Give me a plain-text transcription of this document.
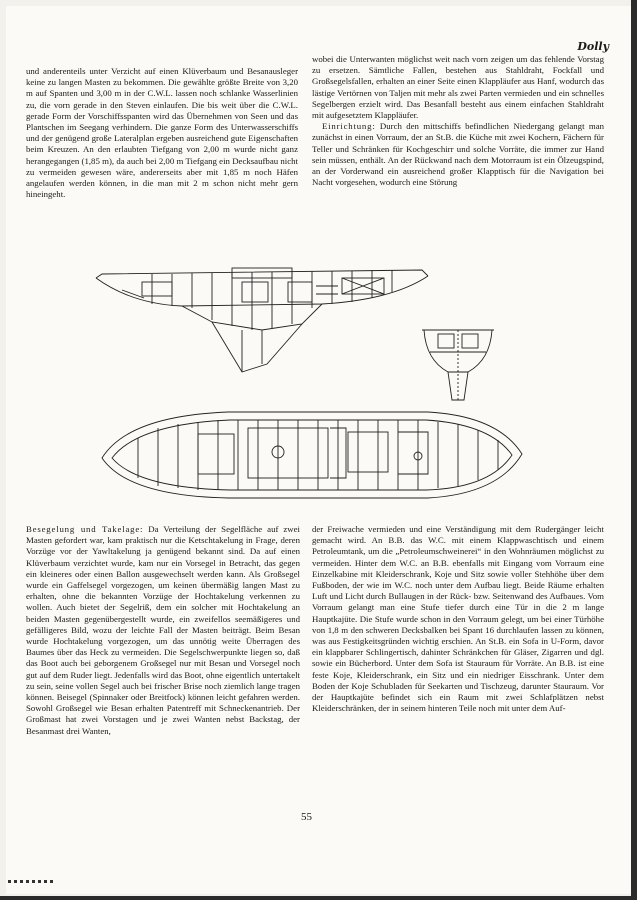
Dolly

und anderenteils unter Verzicht auf einen Klüverbaum und Besanausleger keine zu langen Masten zu bekommen. Die gewählte größte Breite von 3,20 m auf Spanten und 3,00 m in der C.W.L. lassen noch schlanke Wasserlinien zu, die vorn gerade in den Steven einlaufen. Die bis weit über die C.W.L. gerade Form der Vorschiffsspanten wird das Übernehmen von Seen und das Plantschen im Seegang verhindern. Die ganze Form des Unterwasserschiffs und der genügend große Lateralplan ergeben ausreichend gute Eigenschaften beim Kreuzen. An den erlaubten Tiefgang von 2,00 m wurde nicht ganz herangegangen (1,85 m), da auch bei 2,00 m Tiefgang ein Decksaufbau nicht zu vermeiden gewesen wäre, andererseits aber mit 1,85 m noch Häfen angelaufen werden können, in die man mit 2 m schon nicht mehr gern hineingeht.

wobei die Unterwanten möglichst weit nach vorn zeigen um das fehlende Vorstag zu ersetzen. Sämtliche Fallen, bestehen aus Stahldraht, Fockfall und Großsegelsfallen, erhalten an einer Seite einen Klappläufer aus Hanf, wodurch das lästige Vertörnen von Taljen mit mehr als zwei Parten vermieden und ein schnelles Segelbergen erzielt wird. Das Besanfall besteht aus einem einfachen Stahldraht mit aufgesetztem Klappläufer.

Einrichtung: Durch den mittschiffs befindlichen Niedergang gelangt man zunächst in einen Vorraum, der an St.B. die Küche mit zwei Kochern, Fächern für Teller und Schränken für Kochgeschirr und solche Vorräte, die immer zur Hand sein müssen, enthält. An der Rückwand nach dem Motorraum ist ein Ölzeugspind, an der Vorderwand ein ausreichend großer Klapptisch für die Navigation bei Nacht vorgesehen, wodurch eine Störung

Besegelung und Takelage: Da Verteilung der Segelfläche auf zwei Masten gefordert war, kam praktisch nur die Ketschtakelung in Frage, deren Vorzüge vor der Yawltakelung ja genügend bekannt sind. Da auf einen Klüverbaum verzichtet wurde, kam nur ein Vorsegel in Betracht, das gegen ein kleineres oder einen Ballon ausgewechselt werden kann. Als Großsegel wurde ein Gaffelsegel vorgezogen, um keinen übermäßig langen Mast zu erhalten, ohne die bekannten Vorzüge der Hochtakelung verkennen zu wollen. Auch bietet der Segelriß, dem ein solcher mit Hochtakelung an beiden Masten gegenübergestellt wurde, ein zweifellos seemäßigeres und gefälligeres Bild, wozu der leichte Fall der Masten beiträgt. Beim Besan wurde Hochtakelung vorgezogen, um das unnötig weite Überragen des Baumes über das Heck zu vermeiden. Die Segelschwerpunkte liegen so, daß das Boot auch bei geborgenem Großsegel nur mit Besan und Vorsegel noch gut auf dem Ruder liegt. Jedenfalls wird das Boot, ohne eigentlich untertakelt zu sein, seine vollen Segel auch bei frischer Brise noch ziemlich lange tragen können. Beisegel (Spinnaker oder Breitfock) können leicht gefahren werden. Sowohl Großsegel wie Besan erhalten Patentreff mit Schneckenantrieb. Der Großmast hat zwei Vorstagen und je zwei Wanten nebst Backstag, der Besanmast drei Wanten,

der Freiwache vermieden und eine Verständigung mit dem Rudergänger leicht gemacht wird. An B.B. das W.C. mit einem Klappwaschtisch und einem Petroleumtank, um die „Petroleumschweinerei“ in den Wohnräumen möglichst zu vermeiden. Hinter dem W.C. an B.B. ebenfalls mit Eingang vom Vorraum eine Einzelkabine mit Kleiderschrank, Koje und Sitz sowie voller Stehhöhe über dem Fußboden, der wie im W.C. noch unter dem Aufbau liegt. Beide Räume erhalten Luft und Licht durch Bullaugen in der Rück- bzw. Seitenwand des Aufbaues. Vom Vorraum gelangt man eine Stufe tiefer durch eine Tür in die 2 m lange Hauptkajüte. Die Stufe wurde schon in den Vorraum gelegt, um bei einer Türhöhe von 1,8 m den schweren Decksbalken bei Spant 16 durchlaufen lassen zu können, was aus Festigkeitsgründen wichtig erschien. An St.B. ein Sofa in U-Form, davor ein klappbarer Schlingertisch, dahinter Schränkchen für Gläser, Zigarren und dgl. sowie ein Bücherbord. Unter dem Sofa ist Stauraum für Vorräte. An B.B. ist eine feste Koje, Kleiderschrank, ein Sitz und ein niedriger Eisschrank. Unter dem Boden der Koje Schubladen für Seekarten und Tischzeug, darunter Stauraum. Vor der Hauptkajüte befindet sich ein Raum mit zwei Schlafplätzen nebst Kleiderschränken, der in seinem hinteren Teile noch mit unter dem Auf-

55
